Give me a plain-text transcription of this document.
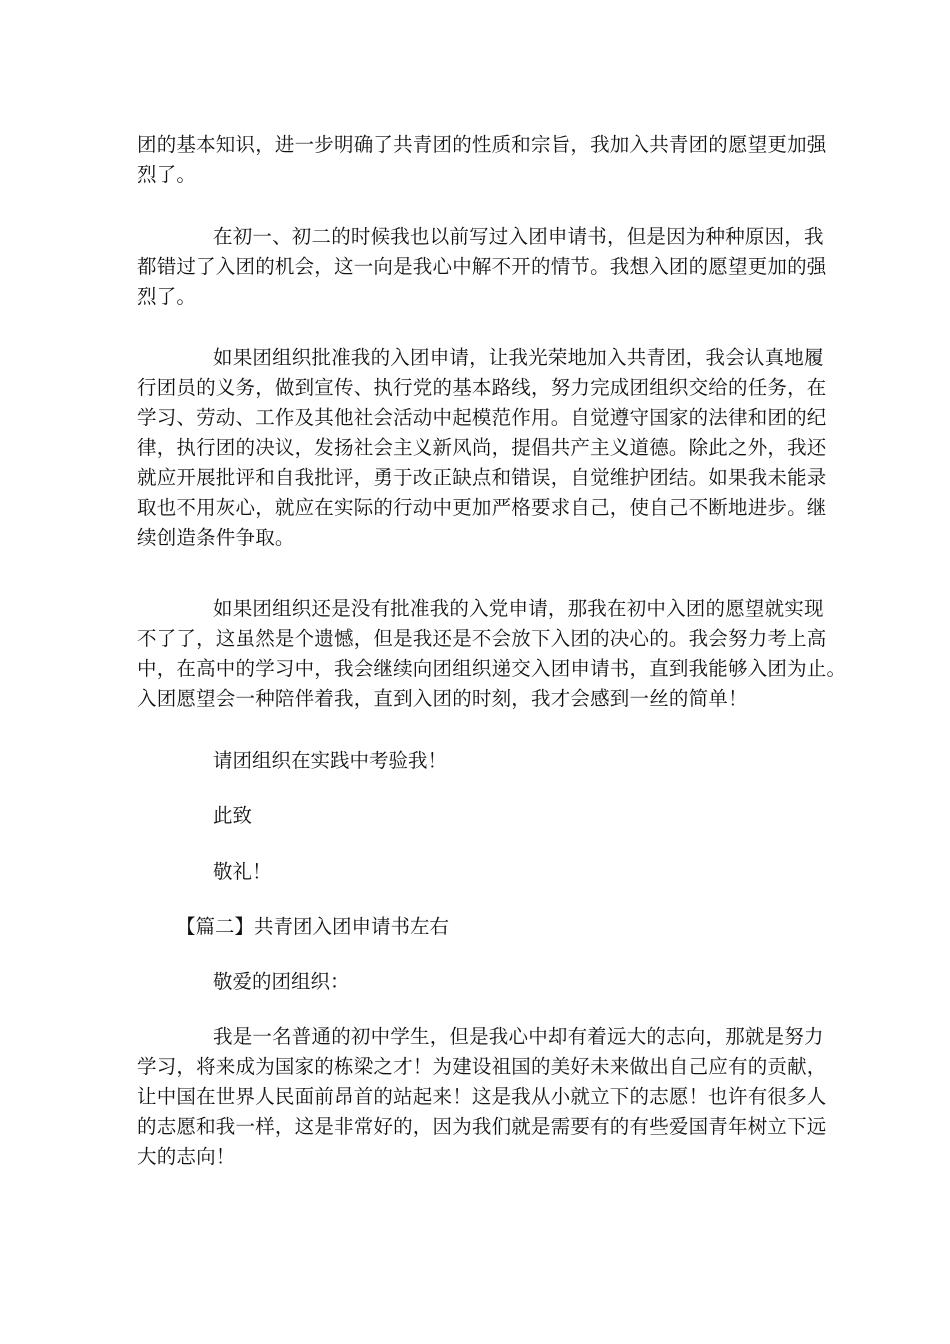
团的基本知识，进一步明确了共青团的性质和宗旨，我加入共青团的愿望更加强
烈了。
在初一、初二的时候我也以前写过入团申请书，但是因为种种原因，我
都错过了入团的机会，这一向是我心中解不开的情节。我想入团的愿望更加的强
烈了。
如果团组织批准我的入团申请，让我光荣地加入共青团，我会认真地履
行团员的义务，做到宣传、执行党的基本路线，努力完成团组织交给的任务，在
学习、劳动、工作及其他社会活动中起模范作用。自觉遵守国家的法律和团的纪
律，执行团的决议，发扬社会主义新风尚，提倡共产主义道德。除此之外，我还
就应开展批评和自我批评，勇于改正缺点和错误，自觉维护团结。如果我未能录
取也不用灰心，就应在实际的行动中更加严格要求自己，使自己不断地进步。继
续创造条件争取。
如果团组织还是没有批准我的入党申请，那我在初中入团的愿望就实现
不了了，这虽然是个遗憾，但是我还是不会放下入团的决心的。我会努力考上高
中，在高中的学习中，我会继续向团组织递交入团申请书，直到我能够入团为止。
入团愿望会一种陪伴着我，直到入团的时刻，我才会感到一丝的简单！

请团组织在实践中考验我！

此致

敬礼！

【篇二】共青团入团申请书左右

敬爱的团组织：

我是一名普通的初中学生，但是我心中却有着远大的志向，那就是努力
学习，将来成为国家的栋梁之才！为建设祖国的美好未来做出自己应有的贡献，
让中国在世界人民面前昂首的站起来！这是我从小就立下的志愿！也许有很多人
的志愿和我一样，这是非常好的，因为我们就是需要有的有些爱国青年树立下远
大的志向！
